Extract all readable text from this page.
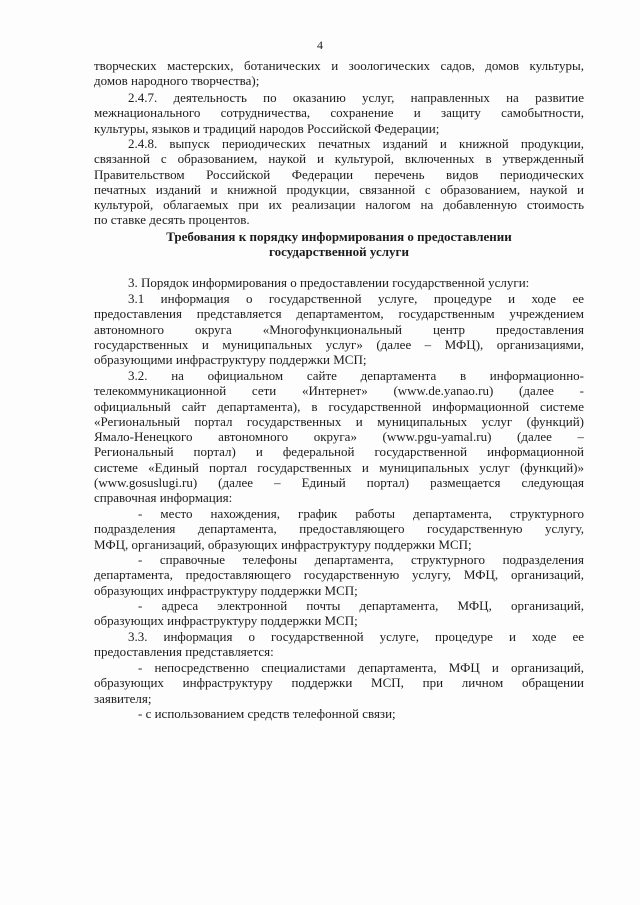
4
творческих мастерских, ботанических и зоологических садов, домов культуры,
домов народного творчества);
2.4.7. деятельность по оказанию услуг, направленных на развитие
межнационального сотрудничества, сохранение и защиту самобытности,
культуры, языков и традиций народов Российской Федерации;
2.4.8. выпуск периодических печатных изданий и книжной продукции,
связанной с образованием, наукой и культурой, включенных в утвержденный
Правительством Российской Федерации перечень видов периодических
печатных изданий и книжной продукции, связанной с образованием, наукой и
культурой, облагаемых при их реализации налогом на добавленную стоимость
по ставке десять процентов.
3. Порядок информирования о предоставлении государственной услуги:
3.1 информация о государственной услуге, процедуре и ходе ее
предоставления представляется департаментом, государственным учреждением
автономного округа «Многофункциональный центр предоставления
государственных и муниципальных услуг» (далее – МФЦ), организациями,
образующими инфраструктуру поддержки МСП;
3.2. на официальном сайте департамента в информационно-
телекоммуникационной сети «Интернет» (www.de.yanao.ru) (далее -
официальный сайт департамента), в государственной информационной системе
«Региональный портал государственных и муниципальных услуг (функций)
Ямало-Ненецкого автономного округа» (www.pgu-yamal.ru) (далее –
Региональный портал) и федеральной государственной информационной
системе «Единый портал государственных и муниципальных услуг (функций)»
(www.gosuslugi.ru) (далее – Единый портал) размещается следующая
справочная информация:
- место нахождения, график работы департамента, структурного
подразделения департамента, предоставляющего государственную услугу,
МФЦ, организаций, образующих инфраструктуру поддержки МСП;
- справочные телефоны департамента, структурного подразделения
департамента, предоставляющего государственную услугу, МФЦ, организаций,
образующих инфраструктуру поддержки МСП;
- адреса электронной почты департамента, МФЦ, организаций,
образующих инфраструктуру поддержки МСП;
3.3. информация о государственной услуге, процедуре и ходе ее
предоставления представляется:
- непосредственно специалистами департамента, МФЦ и организаций,
образующих инфраструктуру поддержки МСП, при личном обращении
заявителя;
- с использованием средств телефонной связи;
Требования к порядку информирования о предоставлении
государственной услуги
